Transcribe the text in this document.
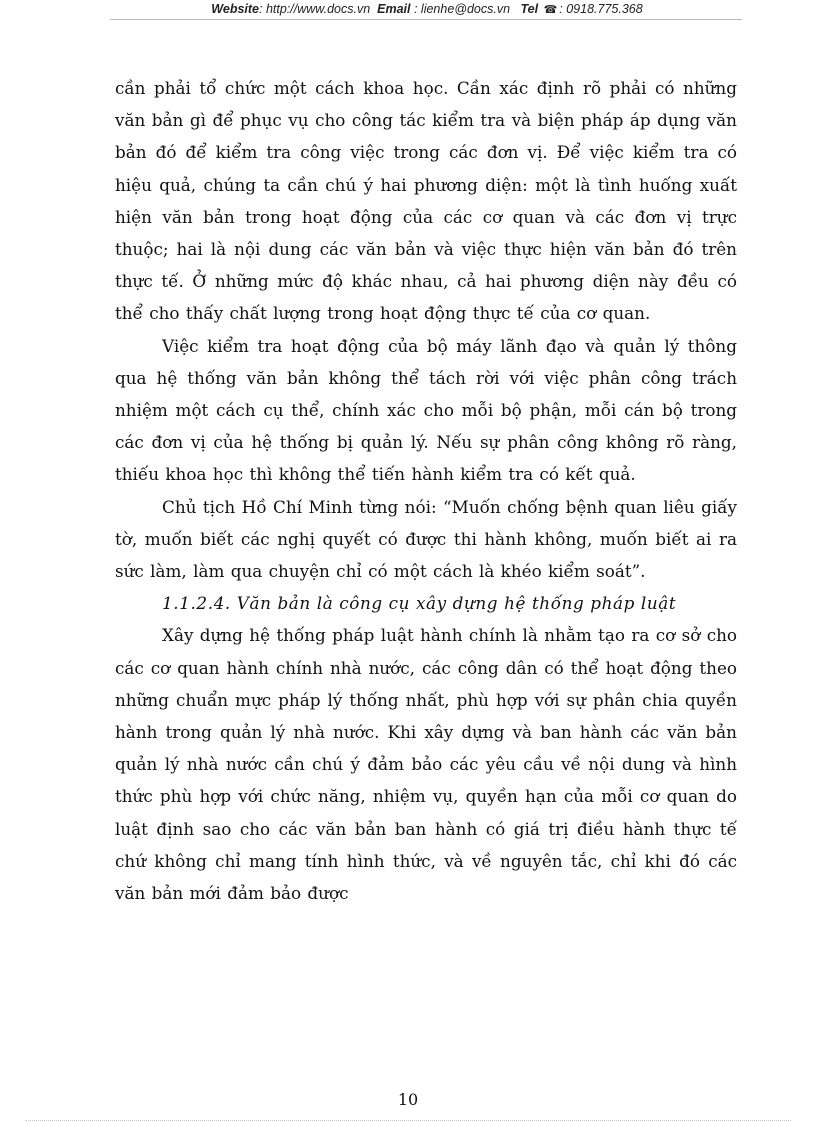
Website: http://www.docs.vn Email : lienhe@docs.vn Tel ☎ : 0918.775.368

cần phải tổ chức một cách khoa học. Cần xác định rõ phải có những văn bản gì để phục vụ cho công tác kiểm tra và biện pháp áp dụng văn bản đó để kiểm tra công việc trong các đơn vị. Để việc kiểm tra có hiệu quả, chúng ta cần chú ý hai phương diện: một là tình huống xuất hiện văn bản trong hoạt động của các cơ quan và các đơn vị trực thuộc; hai là nội dung các văn bản và việc thực hiện văn bản đó trên thực tế. Ở những mức độ khác nhau, cả hai phương diện này đều có thể cho thấy chất lượng trong hoạt động thực tế của cơ quan.

Việc kiểm tra hoạt động của bộ máy lãnh đạo và quản lý thông qua hệ thống văn bản không thể tách rời với việc phân công trách nhiệm một cách cụ thể, chính xác cho mỗi bộ phận, mỗi cán bộ trong các đơn vị của hệ thống bị quản lý. Nếu sự phân công không rõ ràng, thiếu khoa học thì không thể tiến hành kiểm tra có kết quả.

Chủ tịch Hồ Chí Minh từng nói: “Muốn chống bệnh quan liêu giấy tờ, muốn biết các nghị quyết có được thi hành không, muốn biết ai ra sức làm, làm qua chuyện chỉ có một cách là khéo kiểm soát”.

1.1.2.4. Văn bản là công cụ xây dựng hệ thống pháp luật

Xây dựng hệ thống pháp luật hành chính là nhằm tạo ra cơ sở cho các cơ quan hành chính nhà nước, các công dân có thể hoạt động theo những chuẩn mực pháp lý thống nhất, phù hợp với sự phân chia quyền hành trong quản lý nhà nước. Khi xây dựng và ban hành các văn bản quản lý nhà nước cần chú ý đảm bảo các yêu cầu về nội dung và hình thức phù hợp với chức năng, nhiệm vụ, quyền hạn của mỗi cơ quan do luật định sao cho các văn bản ban hành có giá trị điều hành thực tế chứ không chỉ mang tính hình thức, và về nguyên tắc, chỉ khi đó các văn bản mới đảm bảo được

10
